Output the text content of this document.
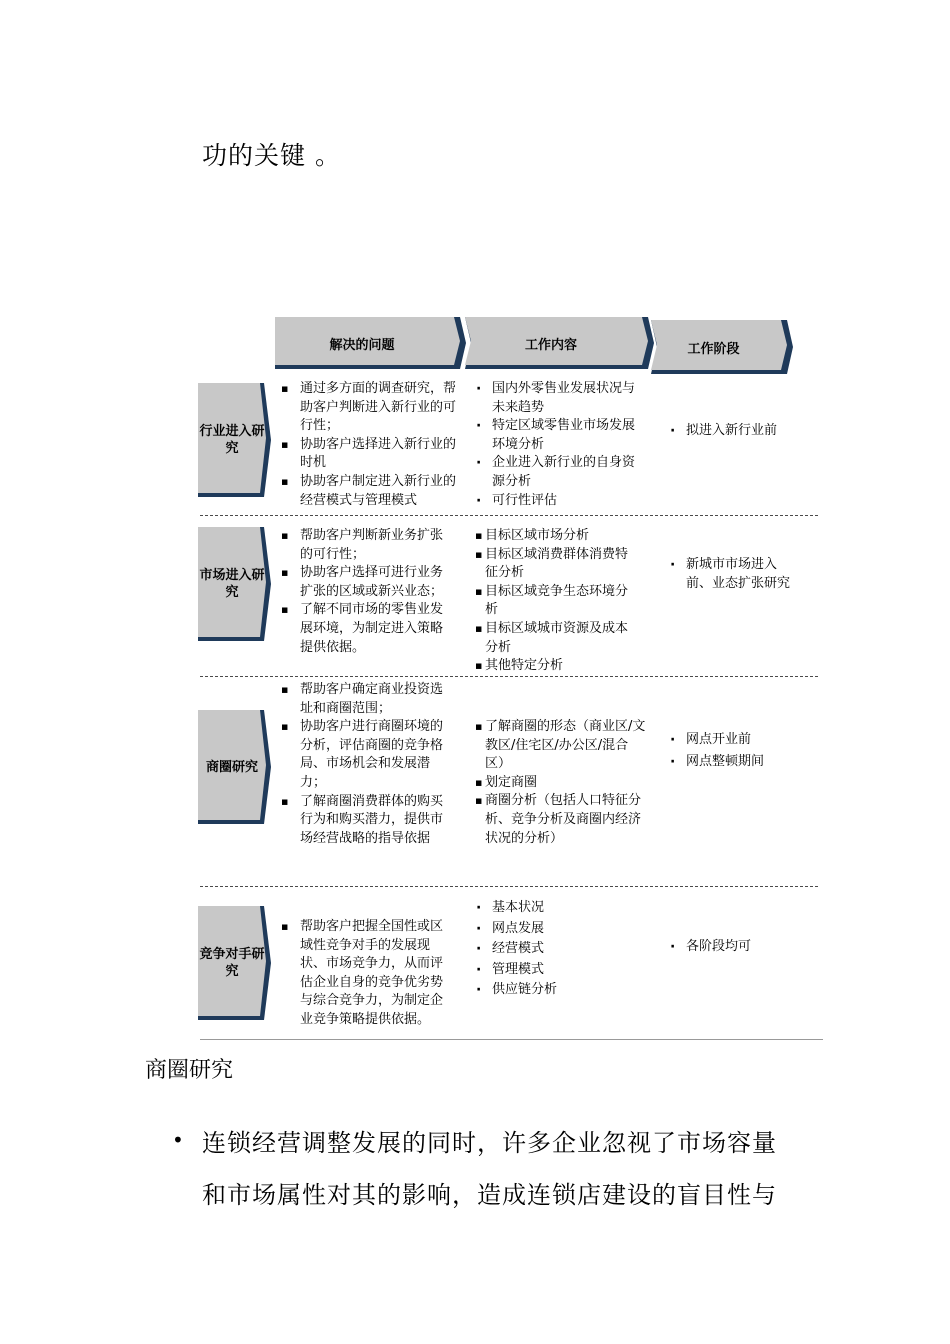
功的关键 。
解决的问题	工作内容	工作阶段
行业进入研究
▪ 通过多方面的调查研究，帮助客户判断进入新行业的可行性；
▪ 协助客户选择进入新行业的时机
▪ 协助客户制定进入新行业的经营模式与管理模式
· 国内外零售业发展状况与未来趋势
· 特定区域零售业市场发展环境分析
· 企业进入新行业的自身资源分析
· 可行性评估
· 拟进入新行业前
市场进入研究
▪ 帮助客户判断新业务扩张的可行性；
▪ 协助客户选择可进行业务扩张的区域或新兴业态；
▪ 了解不同市场的零售业发展环境，为制定进入策略提供依据。
▪ 目标区域市场分析
▪ 目标区域消费群体消费特征分析
▪ 目标区域竞争生态环境分析
▪ 目标区域城市资源及成本分析
▪ 其他特定分析
· 新城市市场进入前、业态扩张研究
商圈研究
▪ 帮助客户确定商业投资选址和商圈范围；
▪ 协助客户进行商圈环境的分析，评估商圈的竞争格局、市场机会和发展潜力；
▪ 了解商圈消费群体的购买行为和购买潜力，提供市场经营战略的指导依据
▪ 了解商圈的形态（商业区/文教区/住宅区/办公区/混合区）
▪ 划定商圈
▪ 商圈分析（包括人口特征分析、竞争分析及商圈内经济状况的分析）
· 网点开业前
· 网点整顿期间
竞争对手研究
▪ 帮助客户把握全国性或区域性竞争对手的发展现状、市场竞争力，从而评估企业自身的竞争优劣势与综合竞争力，为制定企业竞争策略提供依据。
· 基本状况
· 网点发展
· 经营模式
· 管理模式
· 供应链分析
· 各阶段均可
商圈研究
• 连锁经营调整发展的同时，许多企业忽视了市场容量
和市场属性对其的影响，造成连锁店建设的盲目性与
